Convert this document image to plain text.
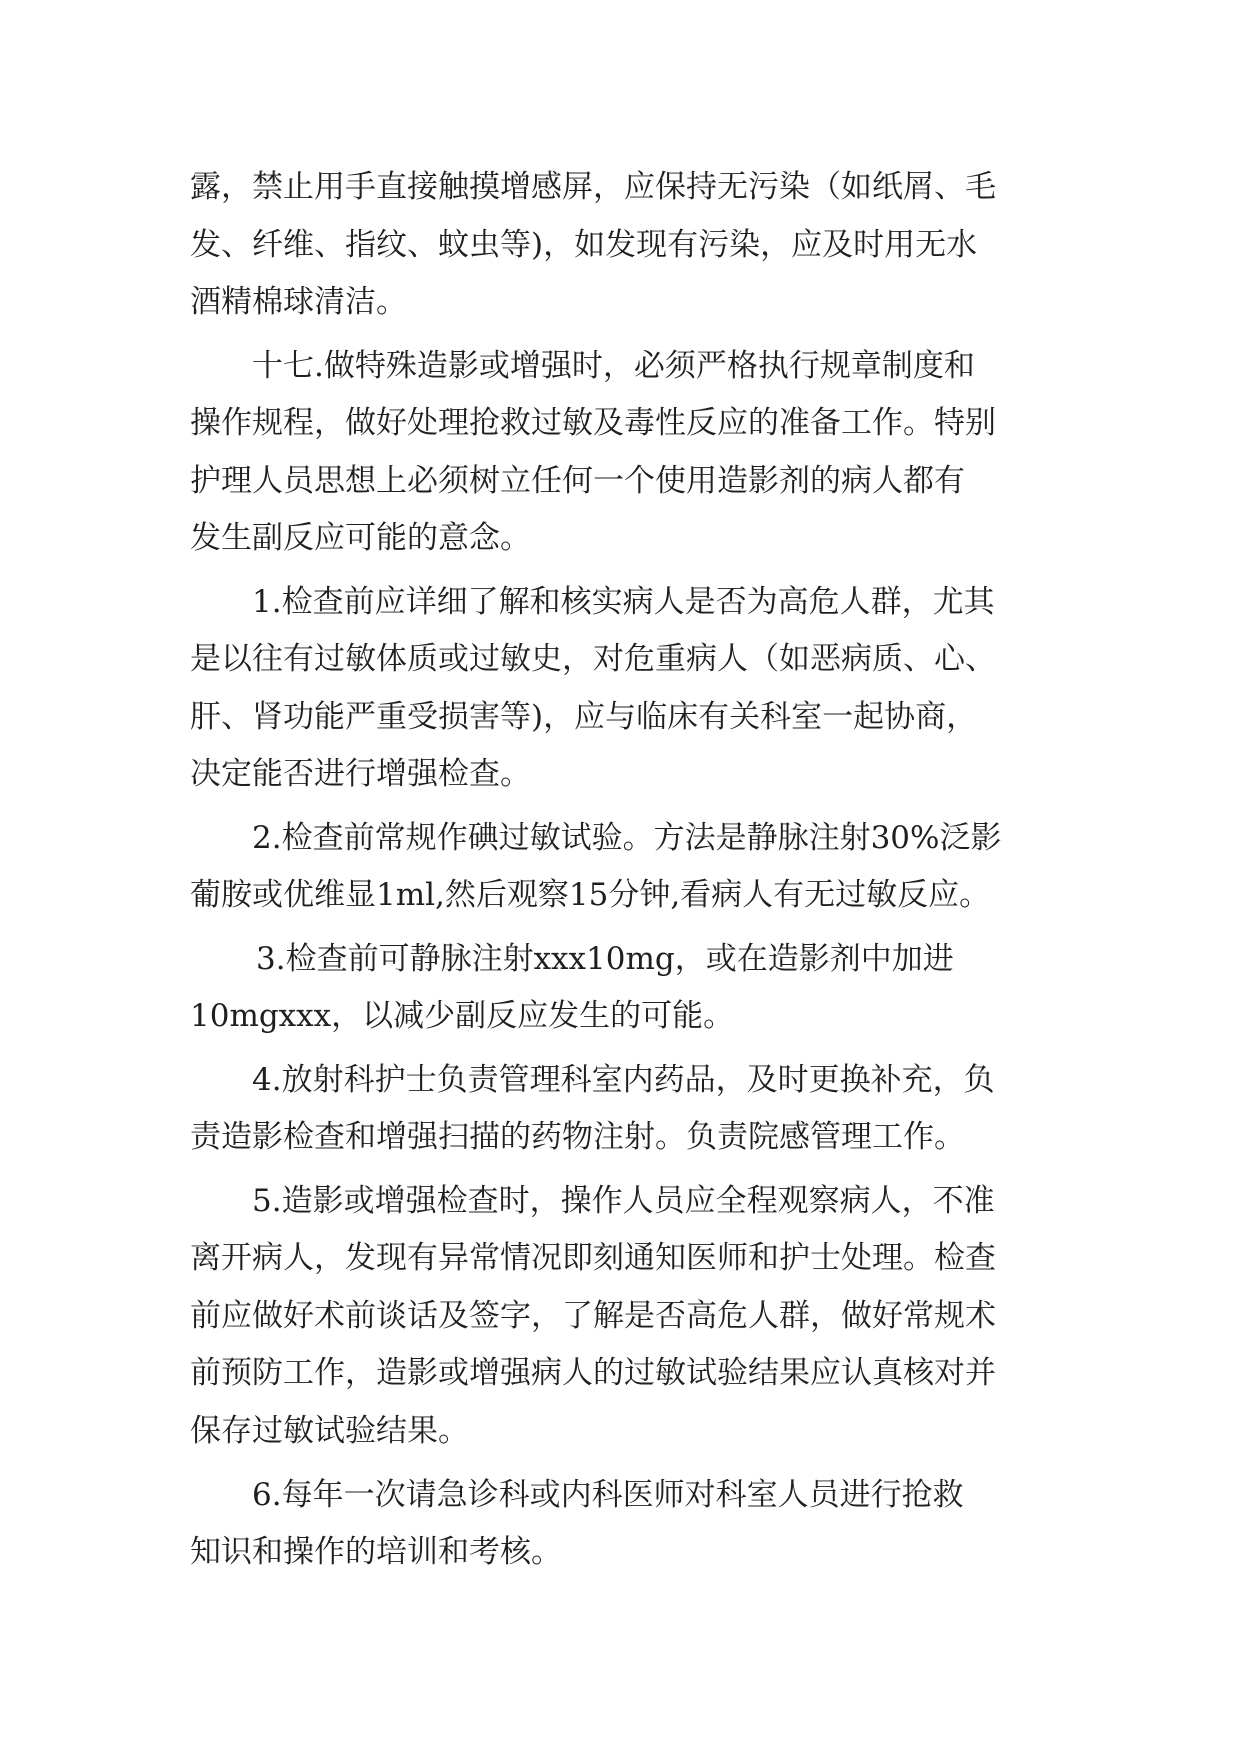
露，禁止用手直接触摸增感屏，应保持无污染（如纸屑、毛
发、纤维、指纹、蚊虫等)，如发现有污染，应及时用无水
酒精棉球清洁。
十七.做特殊造影或增强时，必须严格执行规章制度和
操作规程，做好处理抢救过敏及毒性反应的准备工作。特别
护理人员思想上必须树立任何一个使用造影剂的病人都有
发生副反应可能的意念。
1.检查前应详细了解和核实病人是否为高危人群，尤其
是以往有过敏体质或过敏史，对危重病人（如恶病质、心、
肝、肾功能严重受损害等)，应与临床有关科室一起协商，
决定能否进行增强检查。
2.检查前常规作碘过敏试验。方法是静脉注射30%泛影
葡胺或优维显1ml,然后观察15分钟,看病人有无过敏反应。
3.检查前可静脉注射xxx10mg，或在造影剂中加进
10mgxxx，以减少副反应发生的可能。
4.放射科护士负责管理科室内药品，及时更换补充，负
责造影检查和增强扫描的药物注射。负责院感管理工作。
5.造影或增强检查时，操作人员应全程观察病人，不准
离开病人，发现有异常情况即刻通知医师和护士处理。检查
前应做好术前谈话及签字，了解是否高危人群，做好常规术
前预防工作，造影或增强病人的过敏试验结果应认真核对并
保存过敏试验结果。
6.每年一次请急诊科或内科医师对科室人员进行抢救
知识和操作的培训和考核。
